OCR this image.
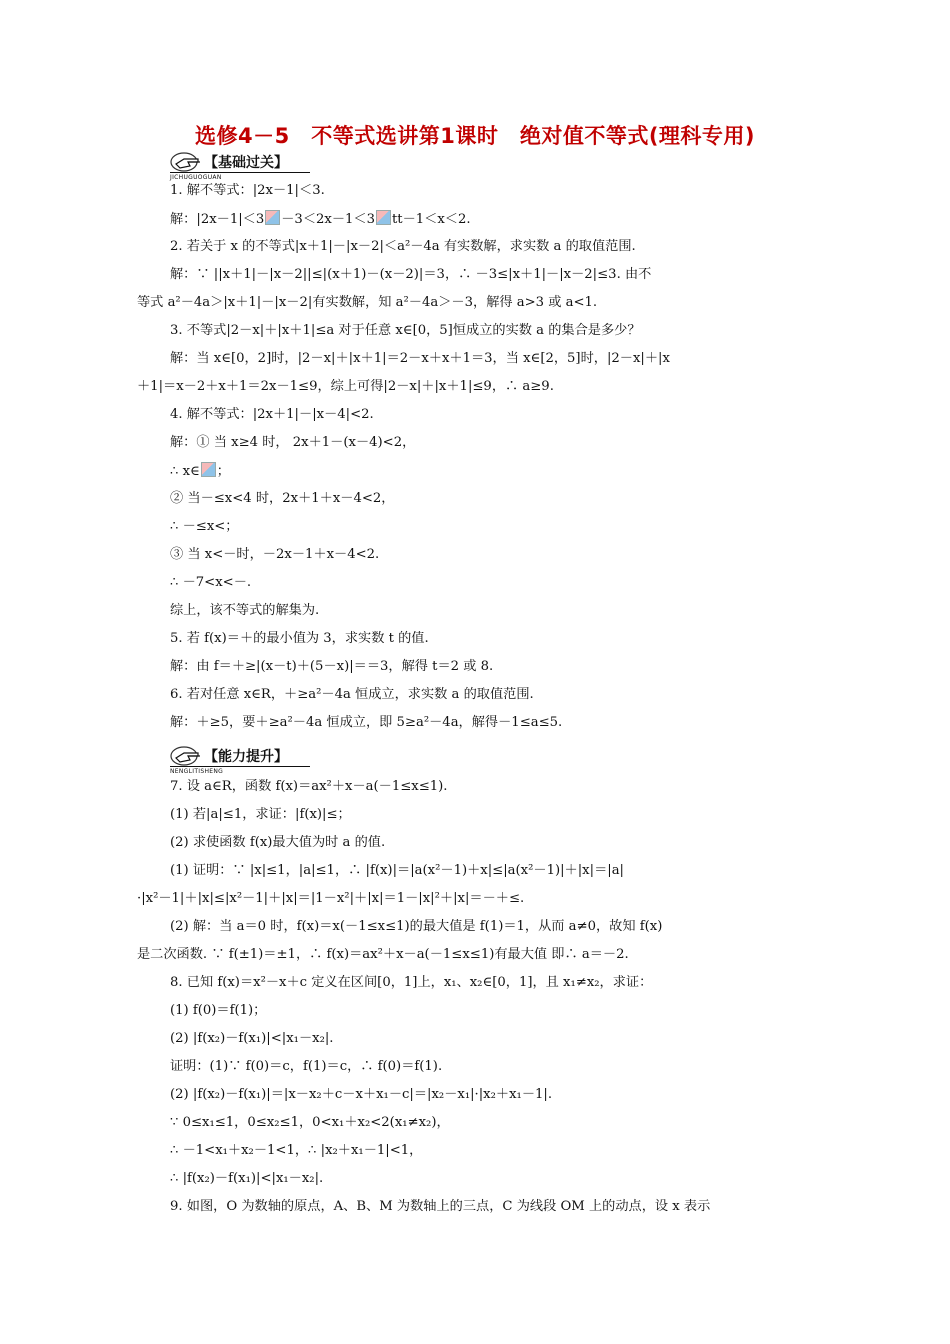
选修4－5　不等式选讲第1课时　绝对值不等式(理科专用)
【基础过关】
JICHUGUOGUAN
1. 解不等式：|2x－1|＜3.
解：|2x－1|＜3 －3＜2x－1＜3 tt－1＜x＜2.
2. 若关于 x 的不等式|x＋1|－|x－2|＜a²－4a 有实数解，求实数 a 的取值范围.
解：∵ ||x＋1|－|x－2||≤|(x＋1)－(x－2)|＝3，∴ －3≤|x＋1|－|x－2|≤3. 由不
等式 a²－4a＞|x＋1|－|x－2|有实数解，知 a²－4a＞－3，解得 a>3 或 a<1.
3. 不等式|2－x|＋|x＋1|≤a 对于任意 x∈[0，5]恒成立的实数 a 的集合是多少？
解：当 x∈[0，2]时，|2－x|＋|x＋1|＝2－x＋x＋1＝3，当 x∈[2，5]时，|2－x|＋|x
＋1|＝x－2＋x＋1＝2x－1≤9，综上可得|2－x|＋|x＋1|≤9，∴ a≥9.
4. 解不等式：|2x＋1|－|x－4|<2.
解：① 当 x≥4 时， 2x＋1－(x－4)<2，
∴ x∈ ；
② 当－≤x<4 时，2x＋1＋x－4<2，
∴ －≤x<；
③ 当 x<－时，－2x－1＋x－4<2.
∴ －7<x<－.
综上，该不等式的解集为.
5. 若 f(x)＝＋的最小值为 3，求实数 t 的值.
解：由 f＝＋≥|(x－t)＋(5－x)|＝＝3，解得 t＝2 或 8.
6. 若对任意 x∈R，＋≥a²－4a 恒成立，求实数 a 的取值范围.
解：＋≥5，要＋≥a²－4a 恒成立，即 5≥a²－4a，解得－1≤a≤5.
【能力提升】
NENGLITISHENG
7. 设 a∈R，函数 f(x)＝ax²＋x－a(－1≤x≤1).
(1) 若|a|≤1，求证：|f(x)|≤；
(2) 求使函数 f(x)最大值为时 a 的值.
(1) 证明：∵ |x|≤1，|a|≤1，∴ |f(x)|＝|a(x²－1)＋x|≤|a(x²－1)|＋|x|＝|a|
·|x²－1|＋|x|≤|x²－1|＋|x|＝|1－x²|＋|x|＝1－|x|²＋|x|＝－＋≤.
(2) 解：当 a＝0 时，f(x)＝x(－1≤x≤1)的最大值是 f(1)＝1，从而 a≠0，故知 f(x)
是二次函数. ∵ f(±1)＝±1，∴ f(x)＝ax²＋x－a(－1≤x≤1)有最大值 即∴ a＝－2.
8. 已知 f(x)＝x²－x＋c 定义在区间[0，1]上，x₁、x₂∈[0，1]，且 x₁≠x₂，求证：
(1) f(0)＝f(1)；
(2) |f(x₂)－f(x₁)|<|x₁－x₂|.
证明：(1)∵ f(0)＝c，f(1)＝c，∴ f(0)＝f(1).
(2) |f(x₂)－f(x₁)|＝|x－x₂＋c－x＋x₁－c|＝|x₂－x₁|·|x₂＋x₁－1|.
∵ 0≤x₁≤1，0≤x₂≤1，0<x₁＋x₂<2(x₁≠x₂)，
∴ －1<x₁＋x₂－1<1，∴ |x₂＋x₁－1|<1，
∴ |f(x₂)－f(x₁)|<|x₁－x₂|.
9. 如图，O 为数轴的原点，A、B、M 为数轴上的三点，C 为线段 OM 上的动点，设 x 表示
